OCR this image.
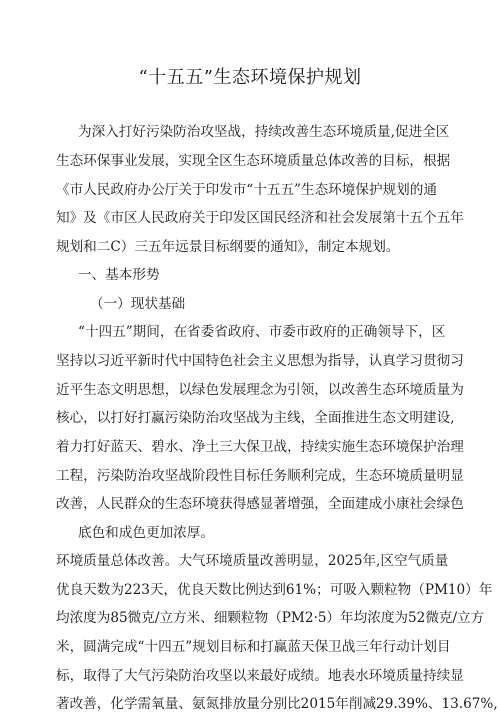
“十五五”生态环境保护规划
为深入打好污染防治攻坚战，持续改善生态环境质量,促进全区
生态环保事业发展，实现全区生态环境质量总体改善的目标，根据
《市人民政府办公厅关于印发市“十五五”生态环境保护规划的通
知》及《市区人民政府关于印发区国民经济和社会发展第十五个五年
规划和二C）三五年远景目标纲要的通知》，制定本规划。
一、基本形势
（一）现状基础
“十四五”期间，在省委省政府、市委市政府的正确领导下，区
坚持以习近平新时代中国特色社会主义思想为指导，认真学习贯彻习
近平生态文明思想，以绿色发展理念为引领，以改善生态环境质量为
核心，以打好打赢污染防治攻坚战为主线，全面推进生态文明建设,
着力打好蓝天、碧水、净土三大保卫战，持续实施生态环境保护治理
工程，污染防治攻坚战阶段性目标任务顺利完成，生态环境质量明显
改善，人民群众的生态环境获得感显著增强，全面建成小康社会绿色
底色和成色更加浓厚。
环境质量总体改善。大气环境质量改善明显，2025年,区空气质量
优良天数为223天，优良天数比例达到61%；可吸入颗粒物（PM10）年
均浓度为85微克/立方米、细颗粒物（PM2·5）年均浓度为52微克/立方
米，圆满完成“十四五”规划目标和打赢蓝天保卫战三年行动计划目
标，取得了大气污染防治攻坚以来最好成绩。地表水环境质量持续显
著改善，化学需氧量、氨氮排放量分别比2015年削减29.39%、13.67%,
